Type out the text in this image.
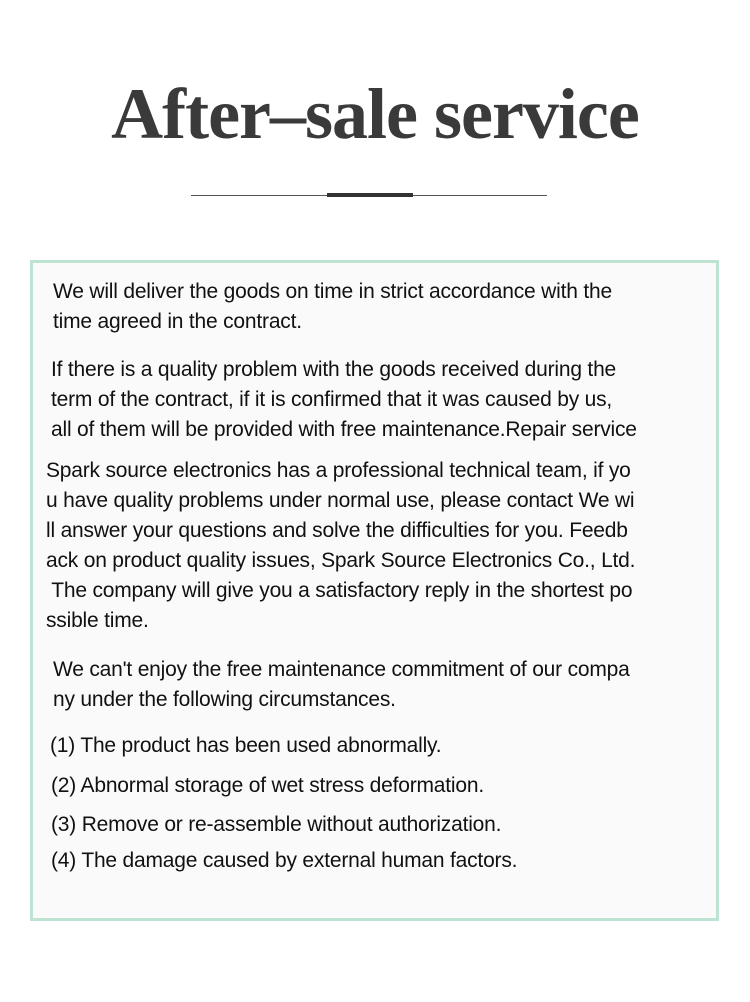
After–sale service

We will deliver the goods on time in strict accordance with the
time agreed in the contract.

If there is a quality problem with the goods received during the
term of the contract, if it is confirmed that it was caused by us,
all of them will be provided with free maintenance.Repair service

Spark source electronics has a professional technical team, if yo
u have quality problems under normal use, please contact We wi
ll answer your questions and solve the difficulties for you. Feedb
ack on product quality issues, Spark Source Electronics Co., Ltd.
The company will give you a satisfactory reply in the shortest po
ssible time.

We can't enjoy the free maintenance commitment of our compa
ny under the following circumstances.

(1) The product has been used abnormally.

(2) Abnormal storage of wet stress deformation.

(3) Remove or re-assemble without authorization.

(4) The damage caused by external human factors.
